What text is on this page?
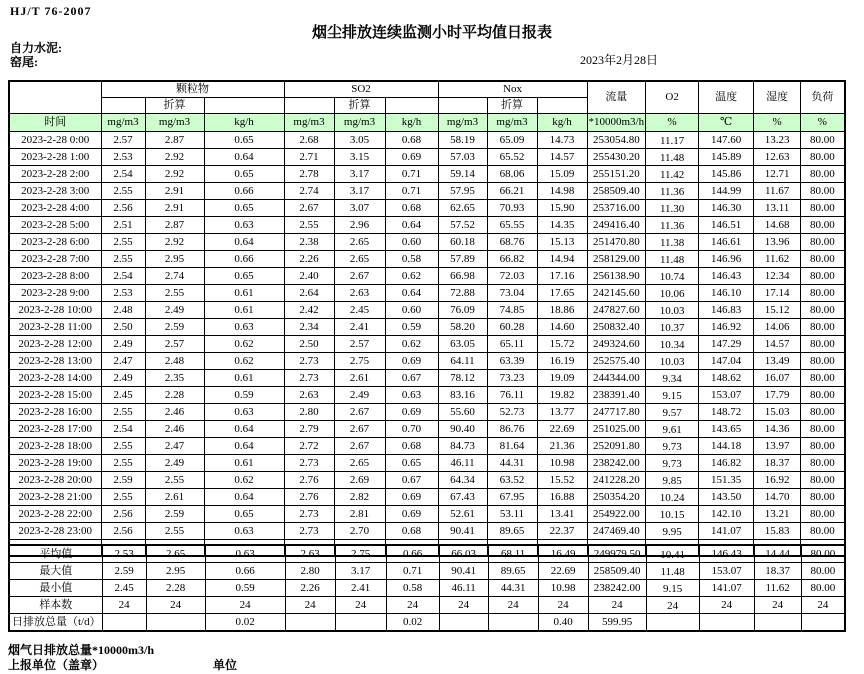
HJ/T 76-2007
烟尘排放连续监测小时平均值日报表
自力水泥:
窑尾:	2023年2月28日
	颗粒物			SO2			Nox			流量	O2	温度	湿度	负荷
		折算			折算			折算						
时间	mg/m3	mg/m3	kg/h	mg/m3	mg/m3	kg/h	mg/m3	mg/m3	kg/h	*10000m3/h	%	℃	%	%
2023-2-28 0:00	2.57	2.87	0.65	2.68	3.05	0.68	58.19	65.09	14.73	253054.80	11.17	147.60	13.23	80.00
2023-2-28 1:00	2.53	2.92	0.64	2.71	3.15	0.69	57.03	65.52	14.57	255430.20	11.48	145.89	12.63	80.00
2023-2-28 2:00	2.54	2.92	0.65	2.78	3.17	0.71	59.14	68.06	15.09	255151.20	11.42	145.86	12.71	80.00
2023-2-28 3:00	2.55	2.91	0.66	2.74	3.17	0.71	57.95	66.21	14.98	258509.40	11.36	144.99	11.67	80.00
2023-2-28 4:00	2.56	2.91	0.65	2.67	3.07	0.68	62.65	70.93	15.90	253716.00	11.30	146.30	13.11	80.00
2023-2-28 5:00	2.51	2.87	0.63	2.55	2.96	0.64	57.52	65.55	14.35	249416.40	11.36	146.51	14.68	80.00
2023-2-28 6:00	2.55	2.92	0.64	2.38	2.65	0.60	60.18	68.76	15.13	251470.80	11.38	146.61	13.96	80.00
2023-2-28 7:00	2.55	2.95	0.66	2.26	2.65	0.58	57.89	66.82	14.94	258129.00	11.48	146.96	11.62	80.00
2023-2-28 8:00	2.54	2.74	0.65	2.40	2.67	0.62	66.98	72.03	17.16	256138.90	10.74	146.43	12.34	80.00
2023-2-28 9:00	2.53	2.55	0.61	2.64	2.63	0.64	72.88	73.04	17.65	242145.60	10.06	146.10	17.14	80.00
2023-2-28 10:00	2.48	2.49	0.61	2.42	2.45	0.60	76.09	74.85	18.86	247827.60	10.03	146.83	15.12	80.00
2023-2-28 11:00	2.50	2.59	0.63	2.34	2.41	0.59	58.20	60.28	14.60	250832.40	10.37	146.92	14.06	80.00
2023-2-28 12:00	2.49	2.57	0.62	2.50	2.57	0.62	63.05	65.11	15.72	249324.60	10.34	147.29	14.57	80.00
2023-2-28 13:00	2.47	2.48	0.62	2.73	2.75	0.69	64.11	63.39	16.19	252575.40	10.03	147.04	13.49	80.00
2023-2-28 14:00	2.49	2.35	0.61	2.73	2.61	0.67	78.12	73.23	19.09	244344.00	9.34	148.62	16.07	80.00
2023-2-28 15:00	2.45	2.28	0.59	2.63	2.49	0.63	83.16	76.11	19.82	238391.40	9.15	153.07	17.79	80.00
2023-2-28 16:00	2.55	2.46	0.63	2.80	2.67	0.69	55.60	52.73	13.77	247717.80	9.57	148.72	15.03	80.00
2023-2-28 17:00	2.54	2.46	0.64	2.79	2.67	0.70	90.40	86.76	22.69	251025.00	9.61	143.65	14.36	80.00
2023-2-28 18:00	2.55	2.47	0.64	2.72	2.67	0.68	84.73	81.64	21.36	252091.80	9.73	144.18	13.97	80.00
2023-2-28 19:00	2.55	2.49	0.61	2.73	2.65	0.65	46.11	44.31	10.98	238242.00	9.73	146.82	18.37	80.00
2023-2-28 20:00	2.59	2.55	0.62	2.76	2.69	0.67	64.34	63.52	15.52	241228.20	9.85	151.35	16.92	80.00
2023-2-28 21:00	2.55	2.61	0.64	2.76	2.82	0.69	67.43	67.95	16.88	250354.20	10.24	143.50	14.70	80.00
2023-2-28 22:00	2.56	2.59	0.65	2.73	2.81	0.69	52.61	53.11	13.41	254922.00	10.15	142.10	13.21	80.00
2023-2-28 23:00	2.56	2.55	0.63	2.73	2.70	0.68	90.41	89.65	22.37	247469.40	9.95	141.07	15.83	80.00

平均值	2.53	2.65	0.63	2.63	2.75	0.66	66.03	68.11	16.49	249979.50	10.41	146.43	14.44	80.00
最大值	2.59	2.95	0.66	2.80	3.17	0.71	90.41	89.65	22.69	258509.40	11.48	153.07	18.37	80.00
最小值	2.45	2.28	0.59	2.26	2.41	0.58	46.11	44.31	10.98	238242.00	9.15	141.07	11.62	80.00
样本数	24	24	24	24	24	24	24	24	24	24	24	24	24	24
日排放总量（t/d）			0.02			0.02			0.40	599.95				
烟气日排放总量*10000m3/h
上报单位（盖章）	单位
